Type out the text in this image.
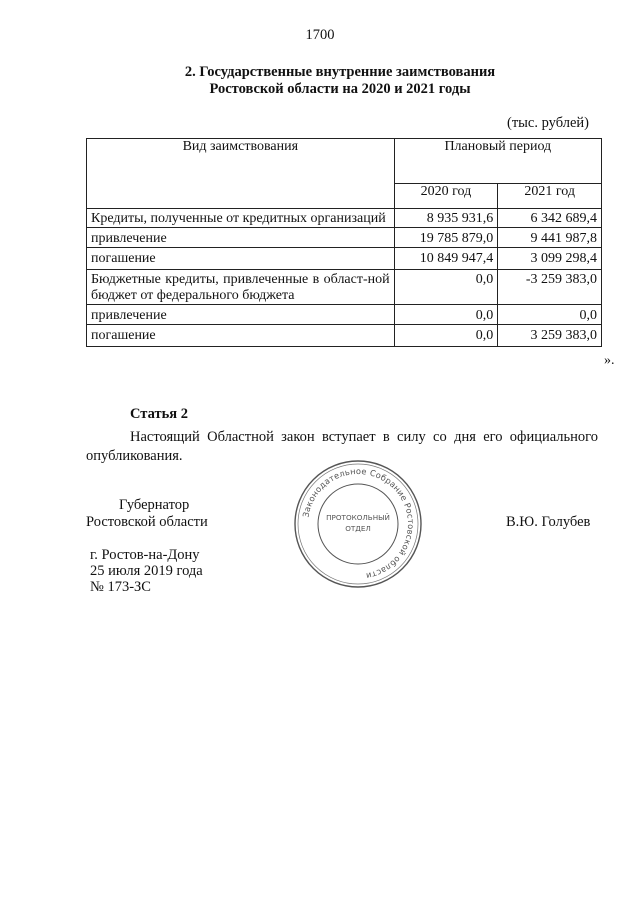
1700
2. Государственные внутренние заимствования
Ростовской области на 2020 и 2021 годы
(тыс. рублей)
Вид заимствования	Плановый период	
	2020 год	2021 год
Кредиты, полученные от кредитных организаций	8 935 931,6	6 342 689,4
привлечение	19 785 879,0	9 441 987,8
погашение	10 849 947,4	3 099 298,4
Бюджетные кредиты, привлеченные в област-ной бюджет от федерального бюджета	0,0	-3 259 383,0
привлечение	0,0	0,0
погашение	0,0	3 259 383,0
».
Статья 2
Настоящий Областной закон вступает в силу со дня его официального опубликования.
Губернатор
Ростовской области	Законодательное Собрание Ростовской области
ПРОТОКОЛЬНЫЙ
ОТДЕЛ	В.Ю. Голубев
г. Ростов-на-Дону
25 июля 2019 года
№ 173-ЗС
